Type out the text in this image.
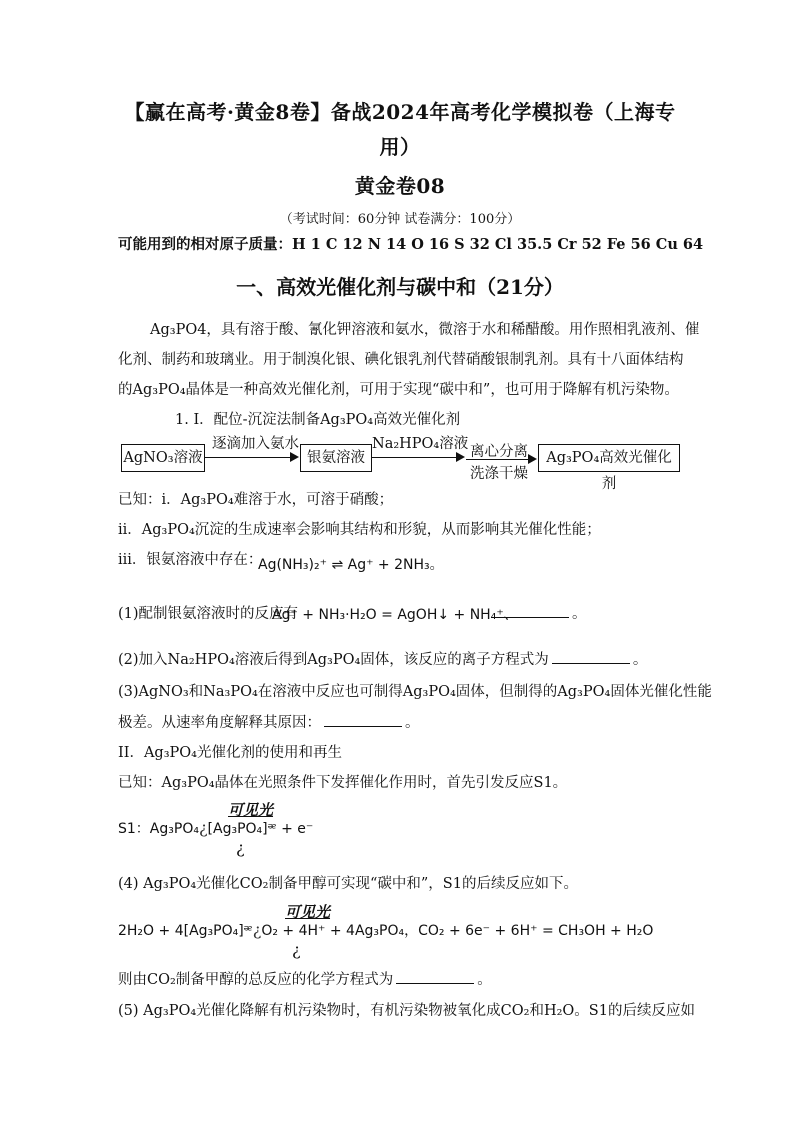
【赢在高考·黄金8卷】备战2024年高考化学模拟卷（上海专
用）
黄金卷08
（考试时间：60分钟 试卷满分：100分）
可能用到的相对原子质量：H 1 C 12 N 14 O 16 S 32 Cl 35.5 Cr 52 Fe 56 Cu 64
一、高效光催化剂与碳中和（21分）
Ag₃PO4，具有溶于酸、氰化钾溶液和氨水，微溶于水和稀醋酸。用作照相乳液剂、催
化剂、制药和玻璃业。用于制溴化银、碘化银乳剂代替硝酸银制乳剂。具有十八面体结构
的Ag₃PO₄晶体是一种高效光催化剂，可用于实现“碳中和”，也可用于降解有机污染物。
1. I．配位-沉淀法制备Ag₃PO₄高效光催化剂
AgNO₃溶液
逐滴加入氨水
银氨溶液
Na₂HPO₄溶液 离心分离
洗涤干燥
Ag₃PO₄高效光催化剂
已知：i．Ag₃PO₄难溶于水，可溶于硝酸；
ii．Ag₃PO₄沉淀的生成速率会影响其结构和形貌，从而影响其光催化性能；
iii．银氨溶液中存在：
Ag(NH₃)₂⁺ ⇌ Ag⁺ + 2NH₃。
(1)配制银氨溶液时的反应有
Ag⁺ + NH₃·H₂O = AgOH↓ + NH₄⁺、	。
(2)加入Na₂HPO₄溶液后得到Ag₃PO₄固体，该反应的离子方程式为	。
(3)AgNO₃和Na₃PO₄在溶液中反应也可制得Ag₃PO₄固体，但制得的Ag₃PO₄固体光催化性能
极差。从速率角度解释其原因：	。
II．Ag₃PO₄光催化剂的使用和再生
已知：Ag₃PO₄晶体在光照条件下发挥催化作用时，首先引发反应S1。
可见光
S1：Ag₃PO₄¿[Ag₃PO₄]ᵆ + e⁻
¿
(4) Ag₃PO₄光催化CO₂制备甲醇可实现“碳中和”，S1的后续反应如下。
可见光
2H₂O + 4[Ag₃PO₄]ᵆ¿O₂ + 4H⁺ + 4Ag₃PO₄，CO₂ + 6e⁻ + 6H⁺ = CH₃OH + H₂O
¿
则由CO₂制备甲醇的总反应的化学方程式为	。
(5) Ag₃PO₄光催化降解有机污染物时，有机污染物被氧化成CO₂和H₂O。S1的后续反应如
